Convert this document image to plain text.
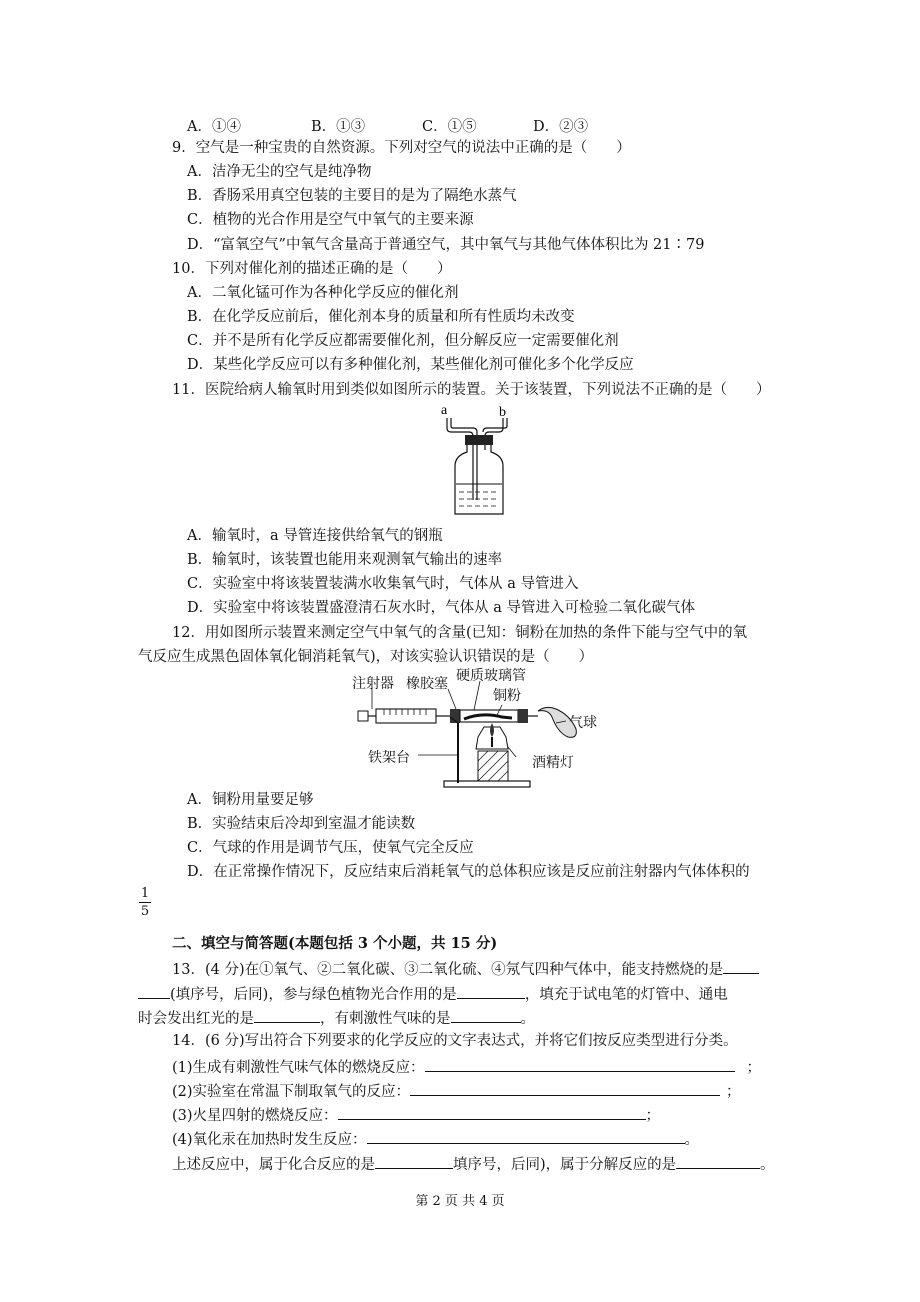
A．①④	B．①③	C．①⑤	D．②③
9．空气是一种宝贵的自然资源。下列对空气的说法中正确的是（　　）
A．洁净无尘的空气是纯净物
B．香肠采用真空包装的主要目的是为了隔绝水蒸气
C．植物的光合作用是空气中氧气的主要来源
D．“富氧空气”中氧气含量高于普通空气，其中氧气与其他气体体积比为 21∶79
10．下列对催化剂的描述正确的是（　　）
A．二氧化锰可作为各种化学反应的催化剂
B．在化学反应前后，催化剂本身的质量和所有性质均未改变
C．并不是所有化学反应都需要催化剂，但分解反应一定需要催化剂
D．某些化学反应可以有多种催化剂，某些催化剂可催化多个化学反应
11．医院给病人输氧时用到类似如图所示的装置。关于该装置，下列说法不正确的是（　　）
a	b
A．输氧时，a 导管连接供给氧气的钢瓶
B．输氧时，该装置也能用来观测氧气输出的速率
C．实验室中将该装置装满水收集氧气时，气体从 a 导管进入
D．实验室中将该装置盛澄清石灰水时，气体从 a 导管进入可检验二氧化碳气体
12．用如图所示装置来测定空气中氧气的含量(已知：铜粉在加热的条件下能与空气中的氧
气反应生成黑色固体氧化铜消耗氧气)，对该实验认识错误的是（　　）
注射器 橡胶塞 硬质玻璃管
铜粉
气球
铁架台	酒精灯
A．铜粉用量要足够
B．实验结束后冷却到室温才能读数
C．气球的作用是调节气压，使氧气完全反应
D．在正常操作情况下，反应结束后消耗氧气的总体积应该是反应前注射器内气体体积的
1
5
二、填空与简答题(本题包括 3 个小题，共 15 分)
13．(4 分)在①氧气、②二氧化碳、③二氧化硫、④氖气四种气体中，能支持燃烧的是
(填序号，后同)，参与绿色植物光合作用的是	，填充于试电笔的灯管中、通电
时会发出红光的是	，有刺激性气味的是	。
14．(6 分)写出符合下列要求的化学反应的文字表达式，并将它们按反应类型进行分类。
(1)生成有刺激性气味气体的燃烧反应：	；
(2)实验室在常温下制取氧气的反应：	；
(3)火星四射的燃烧反应：	；
(4)氧化汞在加热时发生反应：	。
上述反应中，属于化合反应的是	填序号，后同)，属于分解反应的是	。
第 2 页 共 4 页
